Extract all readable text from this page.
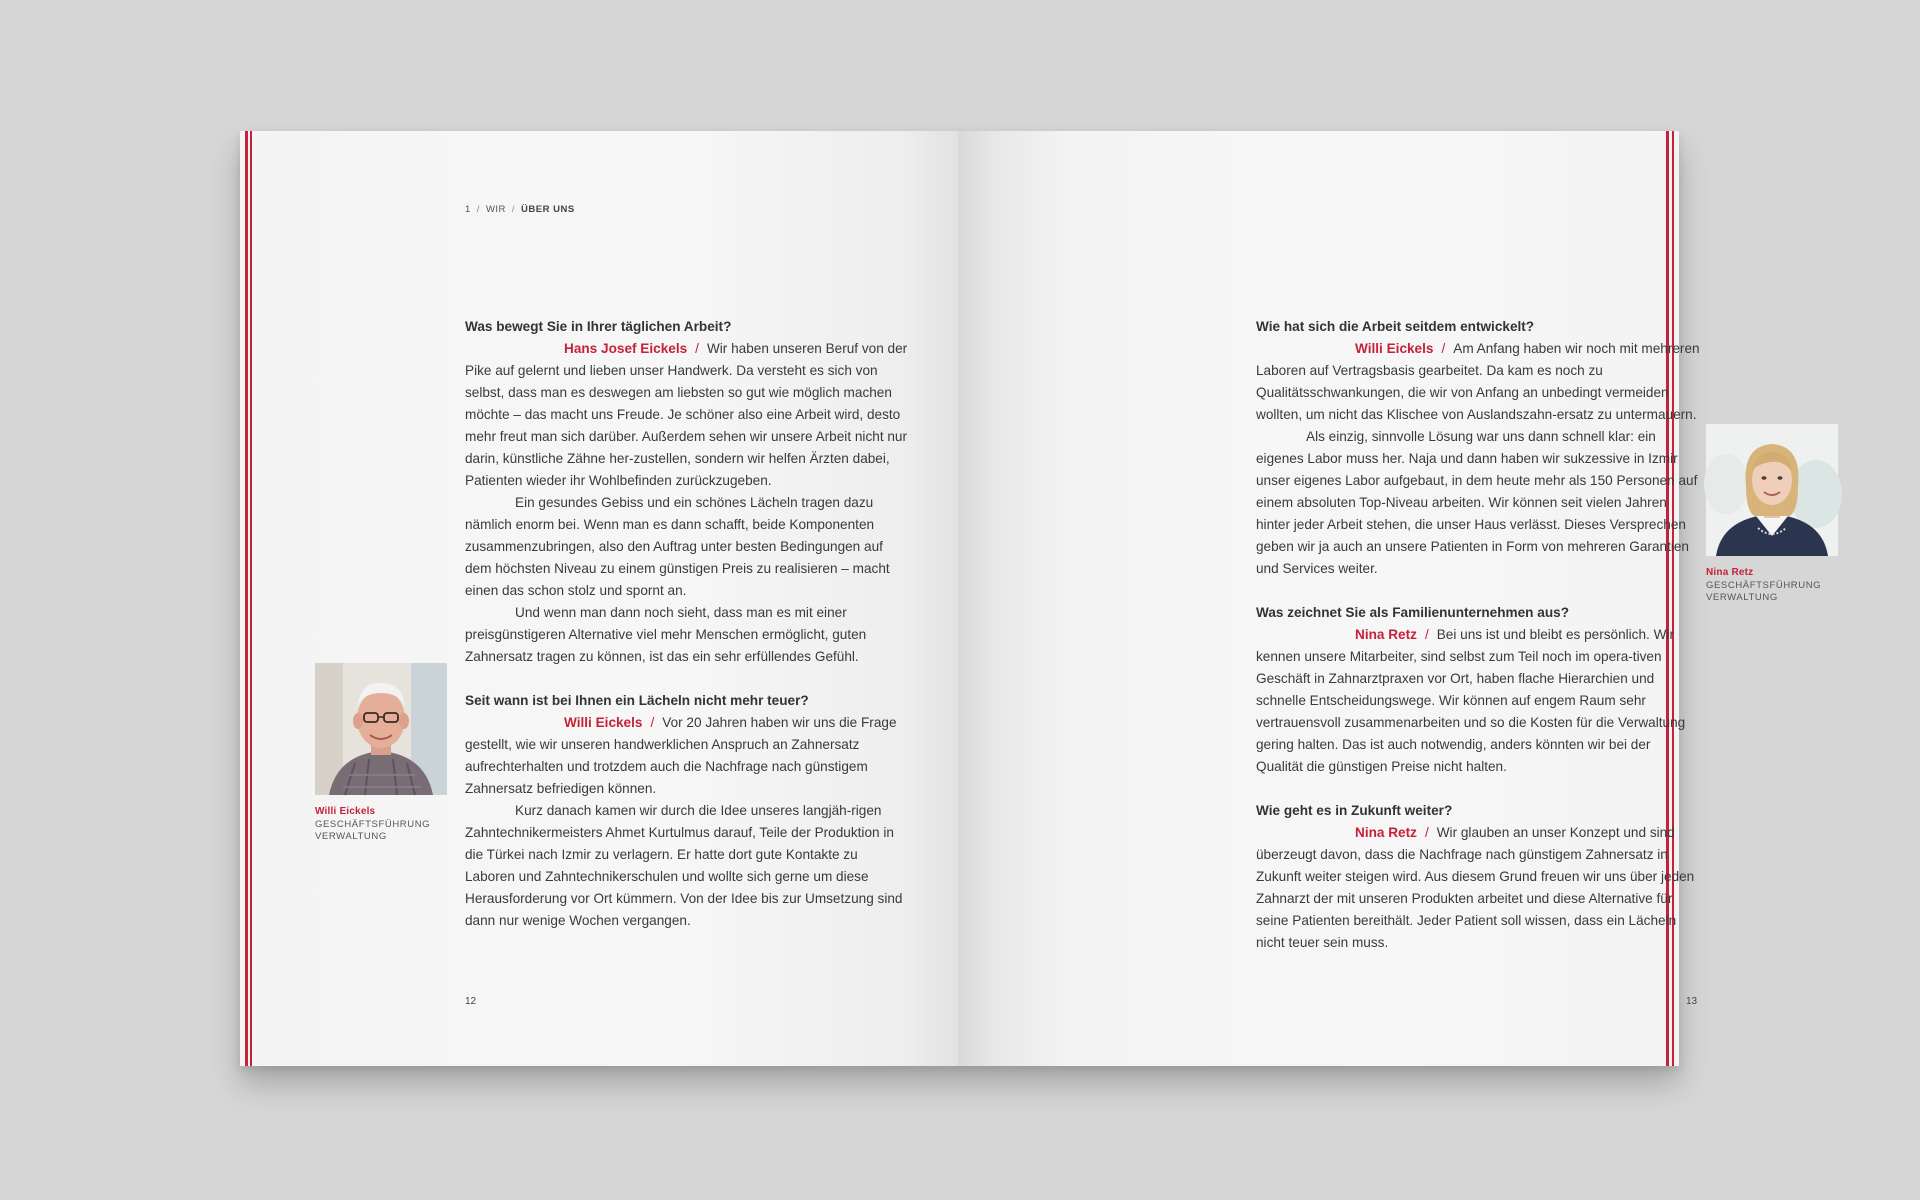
1 / WIR / ÜBER UNS

Was bewegt Sie in Ihrer täglichen Arbeit?

Hans Josef Eickels / Wir haben unseren Beruf von der Pike auf gelernt und lieben unser Handwerk. Da versteht es sich von selbst, dass man es deswegen am liebsten so gut wie möglich machen möchte – das macht uns Freude. Je schöner also eine Arbeit wird, desto mehr freut man sich darüber. Außerdem sehen wir unsere Arbeit nicht nur darin, künstliche Zähne her-zustellen, sondern wir helfen Ärzten dabei, Patienten wieder ihr Wohlbefinden zurückzugeben.

Ein gesundes Gebiss und ein schönes Lächeln tragen dazu nämlich enorm bei. Wenn man es dann schafft, beide Komponenten zusammenzubringen, also den Auftrag unter besten Bedingungen auf dem höchsten Niveau zu einem günstigen Preis zu realisieren – macht einen das schon stolz und spornt an.

Und wenn man dann noch sieht, dass man es mit einer preisgünstigeren Alternative viel mehr Menschen ermöglicht, guten Zahnersatz tragen zu können, ist das ein sehr erfüllendes Gefühl.

Seit wann ist bei Ihnen ein Lächeln nicht mehr teuer?

Willi Eickels / Vor 20 Jahren haben wir uns die Frage gestellt, wie wir unseren handwerklichen Anspruch an Zahnersatz aufrechterhalten und trotzdem auch die Nachfrage nach günstigem Zahnersatz befriedigen können.

Kurz danach kamen wir durch die Idee unseres langjäh-rigen Zahntechnikermeisters Ahmet Kurtulmus darauf, Teile der Produktion in die Türkei nach Izmir zu verlagern. Er hatte dort gute Kontakte zu Laboren und Zahntechnikerschulen und wollte sich gerne um diese Herausforderung vor Ort kümmern. Von der Idee bis zur Umsetzung sind dann nur wenige Wochen vergangen.

Willi Eickels
GESCHÄFTSFÜHRUNG
VERWALTUNG
12

Wie hat sich die Arbeit seitdem entwickelt?

Willi Eickels / Am Anfang haben wir noch mit mehreren Laboren auf Vertragsbasis gearbeitet. Da kam es noch zu Qualitätsschwankungen, die wir von Anfang an unbedingt vermeiden wollten, um nicht das Klischee von Auslandszahn-ersatz zu untermauern.

Als einzig, sinnvolle Lösung war uns dann schnell klar: ein eigenes Labor muss her. Naja und dann haben wir sukzessive in Izmir unser eigenes Labor aufgebaut, in dem heute mehr als 150 Personen auf einem absoluten Top-Niveau arbeiten. Wir können seit vielen Jahren hinter jeder Arbeit stehen, die unser Haus verlässt. Dieses Versprechen geben wir ja auch an unsere Patienten in Form von mehreren Garantien und Services weiter.

Was zeichnet Sie als Familienunternehmen aus?

Nina Retz / Bei uns ist und bleibt es persönlich. Wir kennen unsere Mitarbeiter, sind selbst zum Teil noch im opera-tiven Geschäft in Zahnarztpraxen vor Ort, haben flache Hierarchien und schnelle Entscheidungswege. Wir können auf engem Raum sehr vertrauensvoll zusammenarbeiten und so die Kosten für die Verwaltung gering halten. Das ist auch notwendig, anders könnten wir bei der Qualität die günstigen Preise nicht halten.

Wie geht es in Zukunft weiter?

Nina Retz / Wir glauben an unser Konzept und sind überzeugt davon, dass die Nachfrage nach günstigem Zahnersatz in Zukunft weiter steigen wird. Aus diesem Grund freuen wir uns über jeden Zahnarzt der mit unseren Produkten arbeitet und diese Alternative für seine Patienten bereithält. Jeder Patient soll wissen, dass ein Lächeln nicht teuer sein muss.

Nina Retz
GESCHÄFTSFÜHRUNG
VERWALTUNG
13
